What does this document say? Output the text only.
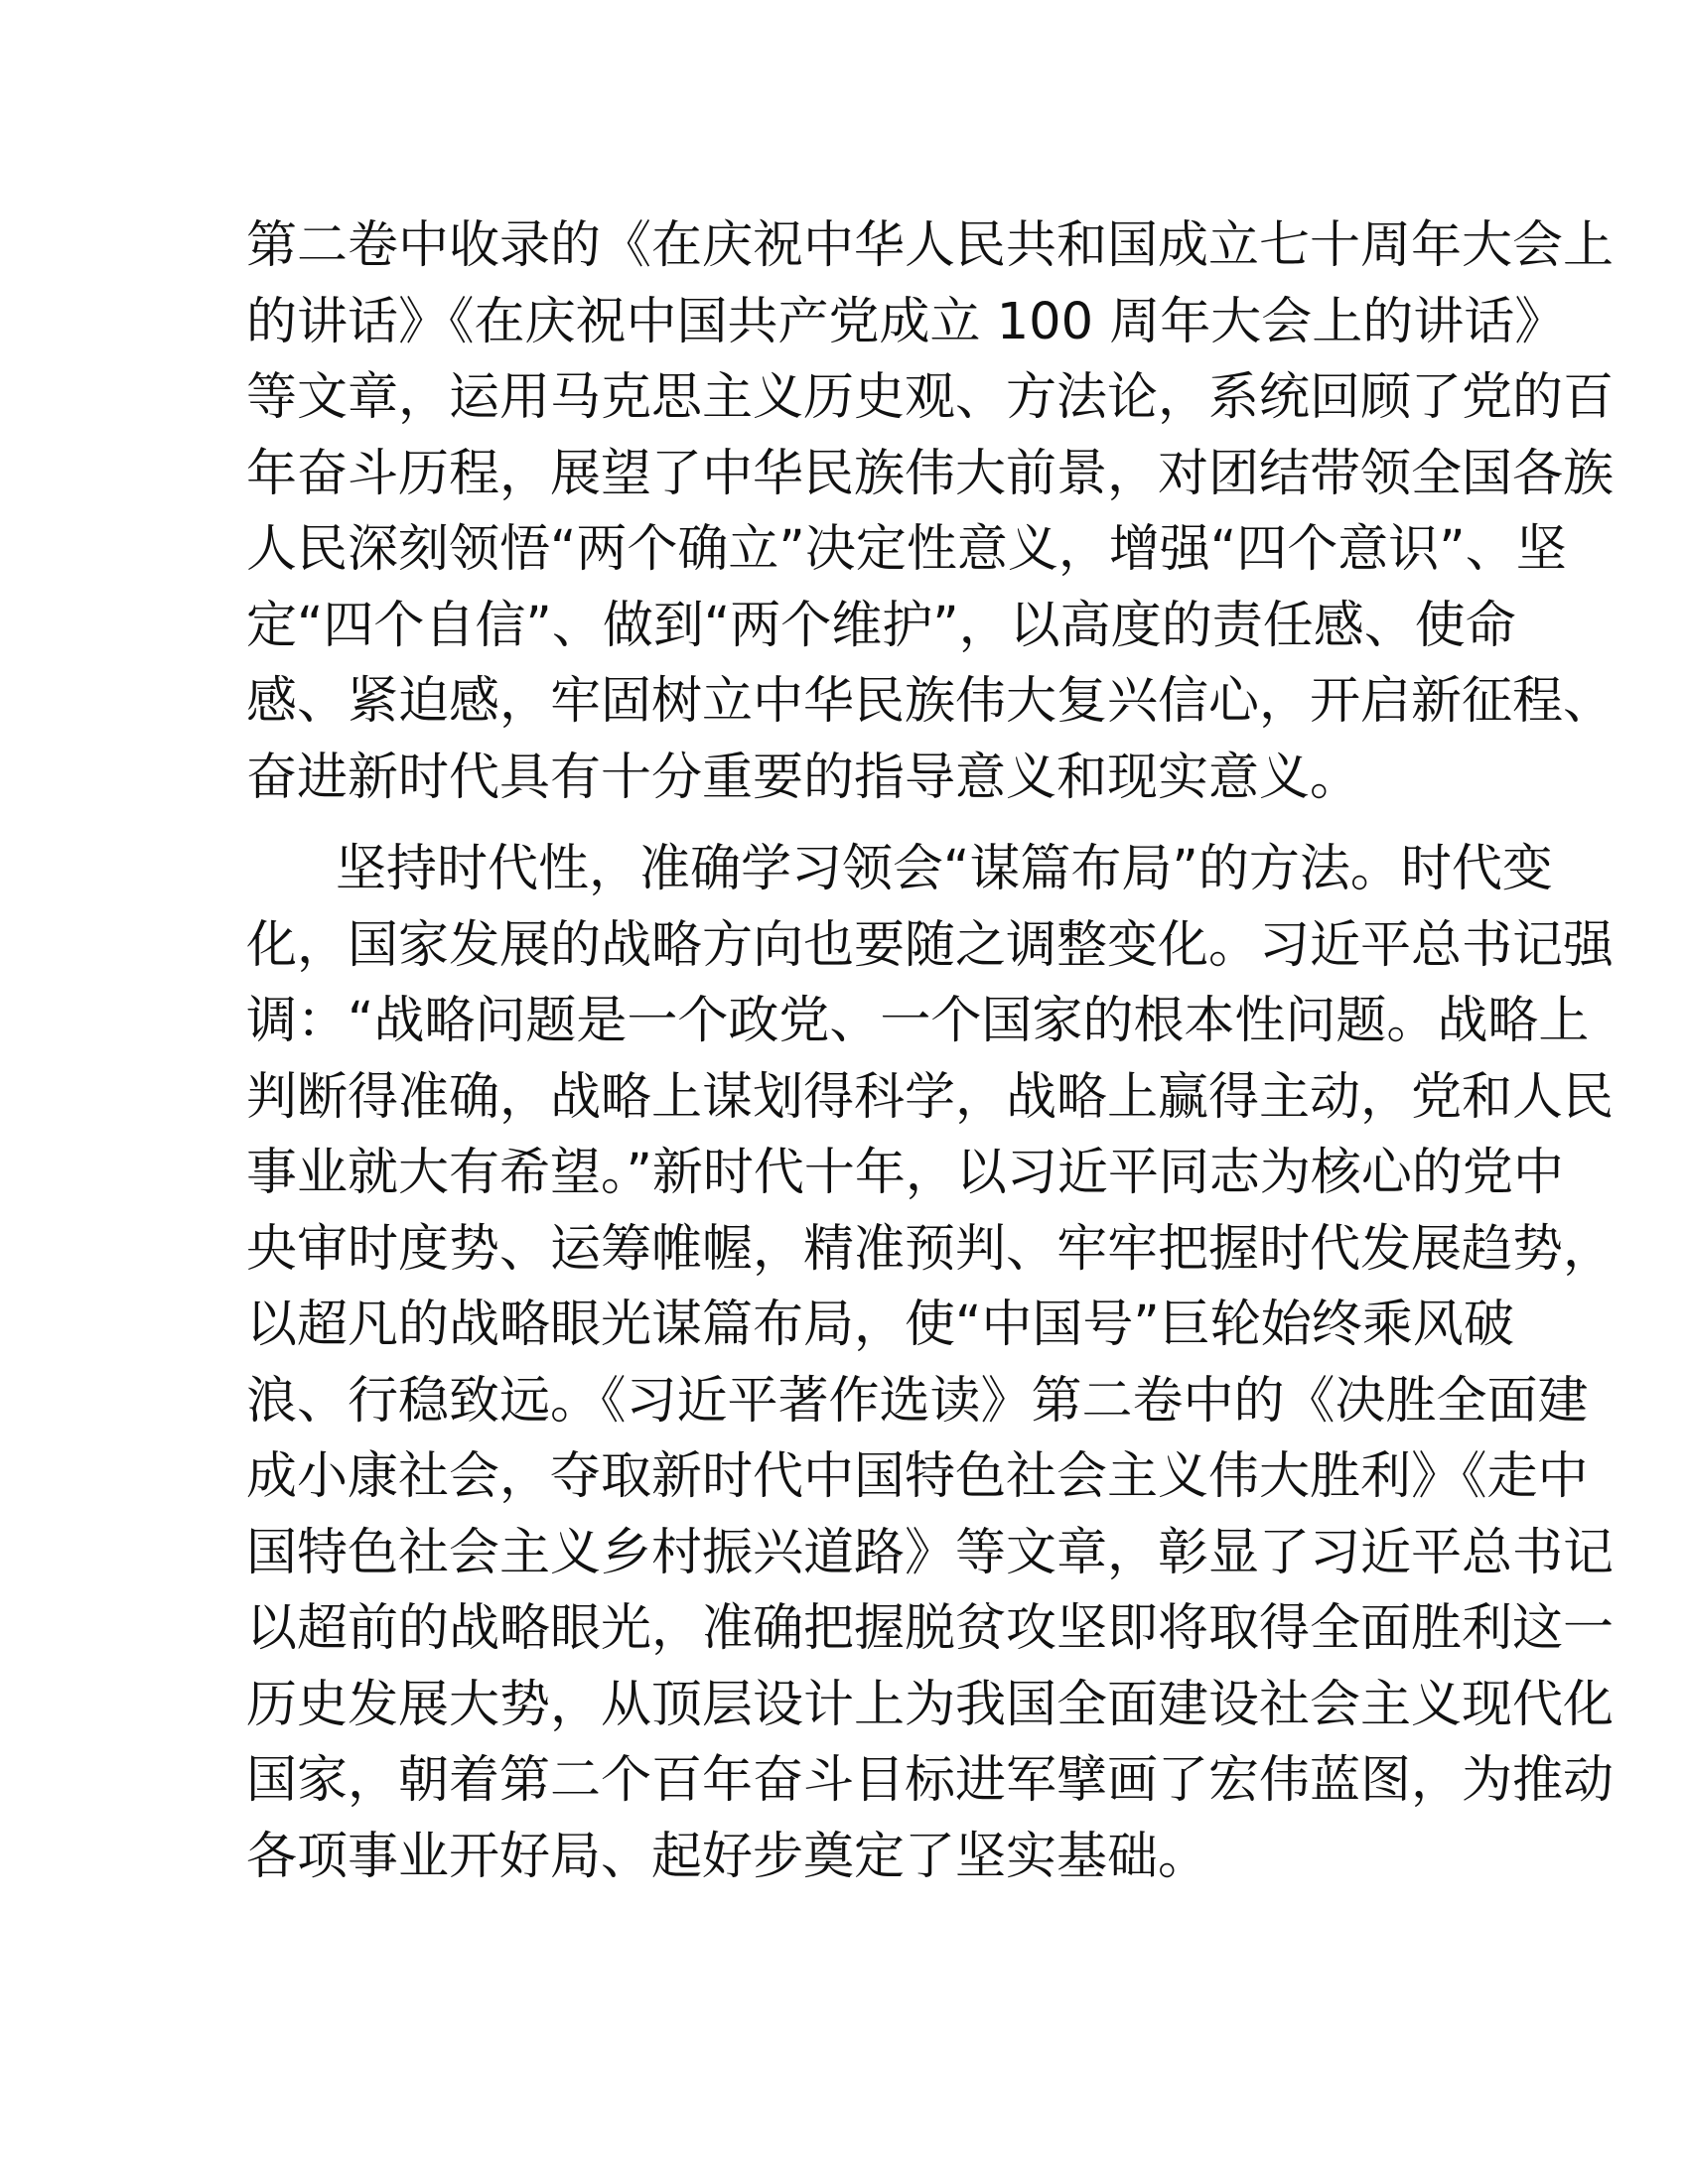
第二卷中收录的《在庆祝中华人民共和国成立七十周年大会上
的讲话》《在庆祝中国共产党成立 100 周年大会上的讲话》
等文章，运用马克思主义历史观、方法论，系统回顾了党的百
年奋斗历程，展望了中华民族伟大前景，对团结带领全国各族
人民深刻领悟“两个确立”决定性意义，增强“四个意识”、坚
定“四个自信”、做到“两个维护”，以高度的责任感、使命
感、紧迫感，牢固树立中华民族伟大复兴信心，开启新征程、
奋进新时代具有十分重要的指导意义和现实意义。

坚持时代性，准确学习领会“谋篇布局”的方法。时代变
化，国家发展的战略方向也要随之调整变化。习近平总书记强
调：“战略问题是一个政党、一个国家的根本性问题。战略上
判断得准确，战略上谋划得科学，战略上赢得主动，党和人民
事业就大有希望。”新时代十年，以习近平同志为核心的党中
央审时度势、运筹帷幄，精准预判、牢牢把握时代发展趋势，
以超凡的战略眼光谋篇布局，使“中国号”巨轮始终乘风破
浪、行稳致远。《习近平著作选读》第二卷中的《决胜全面建
成小康社会，夺取新时代中国特色社会主义伟大胜利》《走中
国特色社会主义乡村振兴道路》等文章，彰显了习近平总书记
以超前的战略眼光，准确把握脱贫攻坚即将取得全面胜利这一
历史发展大势，从顶层设计上为我国全面建设社会主义现代化
国家，朝着第二个百年奋斗目标进军擘画了宏伟蓝图，为推动
各项事业开好局、起好步奠定了坚实基础。
